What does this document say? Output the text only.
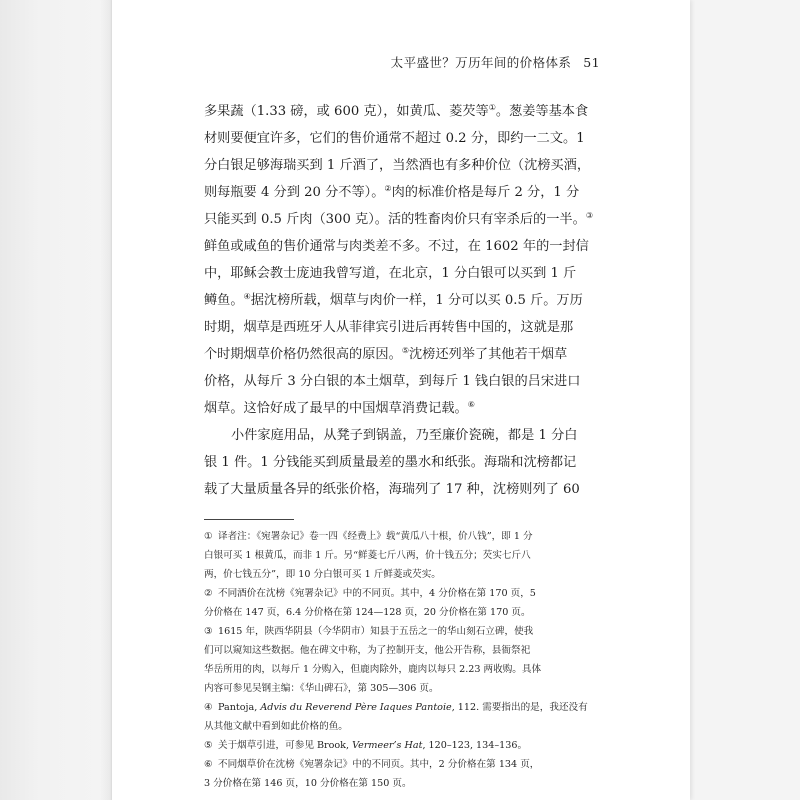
太平盛世？万历年间的价格体系 51
多果蔬（1.33 磅，或 600 克），如黄瓜、菱芡等①。葱姜等基本食
材则要便宜许多，它们的售价通常不超过 0.2 分，即约一二文。1
分白银足够海瑞买到 1 斤酒了，当然酒也有多种价位（沈榜买酒，
则每瓶要 4 分到 20 分不等）。②肉的标准价格是每斤 2 分，1 分
只能买到 0.5 斤肉（300 克）。活的牲畜肉价只有宰杀后的一半。③
鲜鱼或咸鱼的售价通常与肉类差不多。不过，在 1602 年的一封信
中，耶稣会教士庞迪我曾写道，在北京，1 分白银可以买到 1 斤
鳟鱼。④据沈榜所载，烟草与肉价一样，1 分可以买 0.5 斤。万历
时期，烟草是西班牙人从菲律宾引进后再转售中国的，这就是那
个时期烟草价格仍然很高的原因。⑤沈榜还列举了其他若干烟草
价格，从每斤 3 分白银的本土烟草，到每斤 1 钱白银的吕宋进口
烟草。这恰好成了最早的中国烟草消费记载。⑥
小件家庭用品，从凳子到锅盖，乃至廉价瓷碗，都是 1 分白
银 1 件。1 分钱能买到质量最差的墨水和纸张。海瑞和沈榜都记
载了大量质量各异的纸张价格，海瑞列了 17 种，沈榜则列了 60
① 译者注：《宛署杂记》卷一四《经费上》载“黄瓜八十根，价八钱”，即 1 分
白银可买 1 根黄瓜，而非 1 斤。另“鲜菱七斤八两，价十钱五分；芡实七斤八
两，价七钱五分”，即 10 分白银可买 1 斤鲜菱或芡实。
② 不同酒价在沈榜《宛署杂记》中的不同页。其中，4 分价格在第 170 页，5
分价格在 147 页，6.4 分价格在第 124—128 页，20 分价格在第 170 页。
③ 1615 年，陕西华阴县（今华阴市）知县于五岳之一的华山刻石立碑，使我
们可以窥知这些数据。他在碑文中称，为了控制开支，他公开告称，县衙祭祀
华岳所用的肉，以每斤 1 分购入，但鹿肉除外，鹿肉以每只 2.23 两收购。具体
内容可参见吴钢主编：《华山碑石》，第 305—306 页。
④ Pantoja, Advis du Reverend Père Iaques Pantoie, 112. 需要指出的是，我还没有
从其他文献中看到如此价格的鱼。
⑤ 关于烟草引进，可参见 Brook, Vermeer’s Hat, 120–123, 134–136。
⑥ 不同烟草价在沈榜《宛署杂记》中的不同页。其中，2 分价格在第 134 页，
3 分价格在第 146 页，10 分价格在第 150 页。
